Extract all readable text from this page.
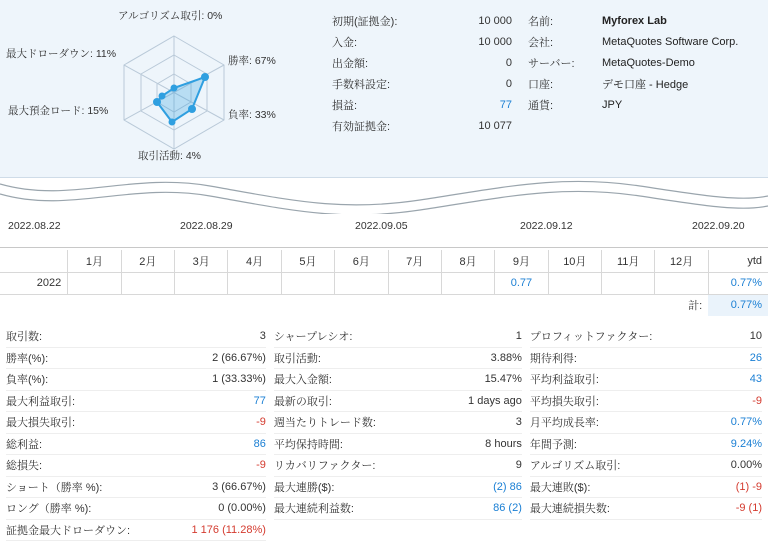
アルゴリズム取引: 0%
最大ドローダウン: 11%
勝率: 67%
負率: 33%
最大預金ロード: 15%
取引活動: 4%
初期(証拠金):	10 000
入金:	10 000
出金額:	0
手数料設定:	0
損益:	77
有効証拠金:	10 077
名前:	Myforex Lab
会社:	MetaQuotes Software Corp.
サーバー:	MetaQuotes-Demo
口座:	デモ口座 - Hedge
通貨:	JPY
2022.08.22	2022.08.29	2022.09.05	2022.09.12	2022.09.20
	1月	2月	3月	4月	5月	6月	7月	8月	9月	10月	11月	12月	ytd
2022									0.77				0.77%
計:													0.77%
取引数:	3
勝率(%):	2 (66.67%)
負率(%):	1 (33.33%)
最大利益取引:	77
最大損失取引:	-9
総利益:	86
総損失:	-9
ショート（勝率 %):	3 (66.67%)
ロング（勝率 %):	0 (0.00%)
証拠金最大ドローダウン:	1 176 (11.28%)
シャープレシオ:	1
取引活動:	3.88%
最大入金額:	15.47%
最新の取引:	1 days ago
週当たりトレード数:	3
平均保持時間:	8 hours
リカバリファクター:	9
最大連勝($):	(2) 86
最大連続利益数:	86 (2)
プロフィットファクター:	10
期待利得:	26
平均利益取引:	43
平均損失取引:	-9
月平均成長率:	0.77%
年間予測:	9.24%
アルゴリズム取引:	0.00%
最大連敗($):	(1) -9
最大連続損失数:	-9 (1)
